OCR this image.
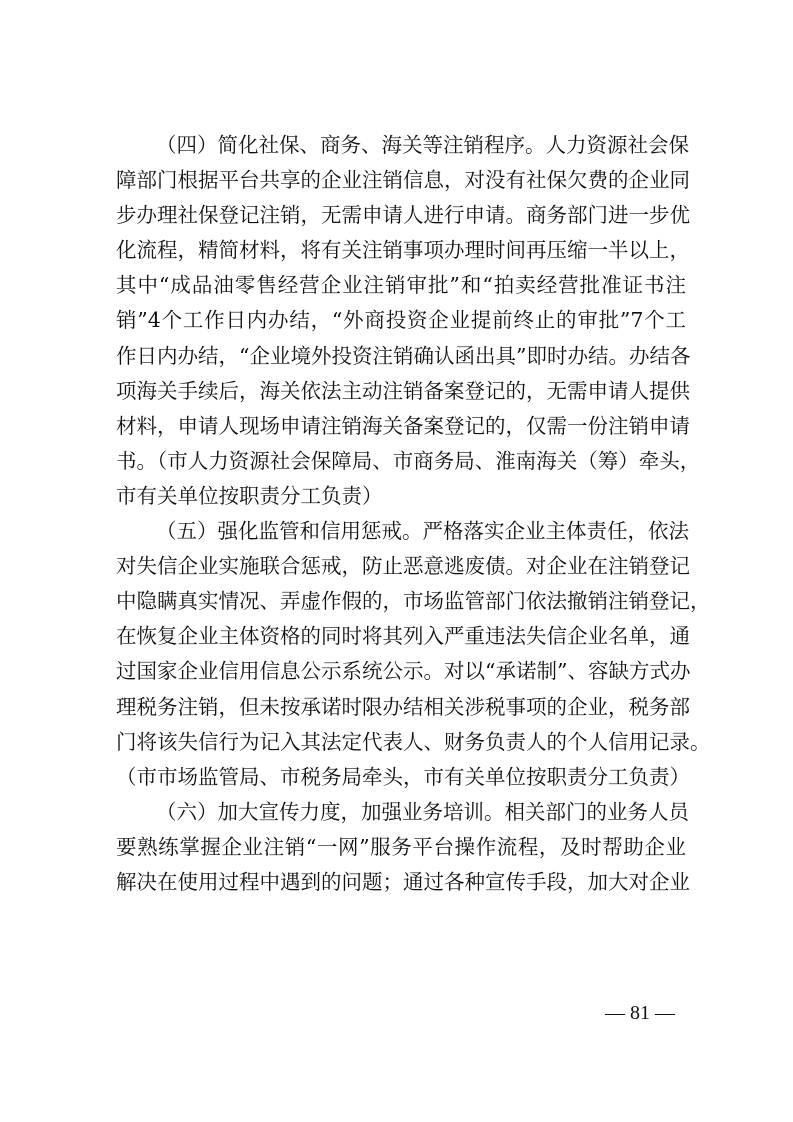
（四）简化社保、商务、海关等注销程序。人力资源社会保
障部门根据平台共享的企业注销信息，对没有社保欠费的企业同
步办理社保登记注销，无需申请人进行申请。商务部门进一步优
化流程，精简材料，将有关注销事项办理时间再压缩一半以上，
其中“成品油零售经营企业注销审批”和“拍卖经营批准证书注
销”4个工作日内办结，“外商投资企业提前终止的审批”7个工
作日内办结，“企业境外投资注销确认函出具”即时办结。办结各
项海关手续后，海关依法主动注销备案登记的，无需申请人提供
材料，申请人现场申请注销海关备案登记的，仅需一份注销申请
书。（市人力资源社会保障局、市商务局、淮南海关（筹）牵头，
市有关单位按职责分工负责）
（五）强化监管和信用惩戒。严格落实企业主体责任，依法
对失信企业实施联合惩戒，防止恶意逃废债。对企业在注销登记
中隐瞒真实情况、弄虚作假的，市场监管部门依法撤销注销登记，
在恢复企业主体资格的同时将其列入严重违法失信企业名单，通
过国家企业信用信息公示系统公示。对以“承诺制”、容缺方式办
理税务注销，但未按承诺时限办结相关涉税事项的企业，税务部
门将该失信行为记入其法定代表人、财务负责人的个人信用记录。
（市市场监管局、市税务局牵头，市有关单位按职责分工负责）
（六）加大宣传力度，加强业务培训。相关部门的业务人员
要熟练掌握企业注销“一网”服务平台操作流程，及时帮助企业
解决在使用过程中遇到的问题；通过各种宣传手段，加大对企业
— 81 —
